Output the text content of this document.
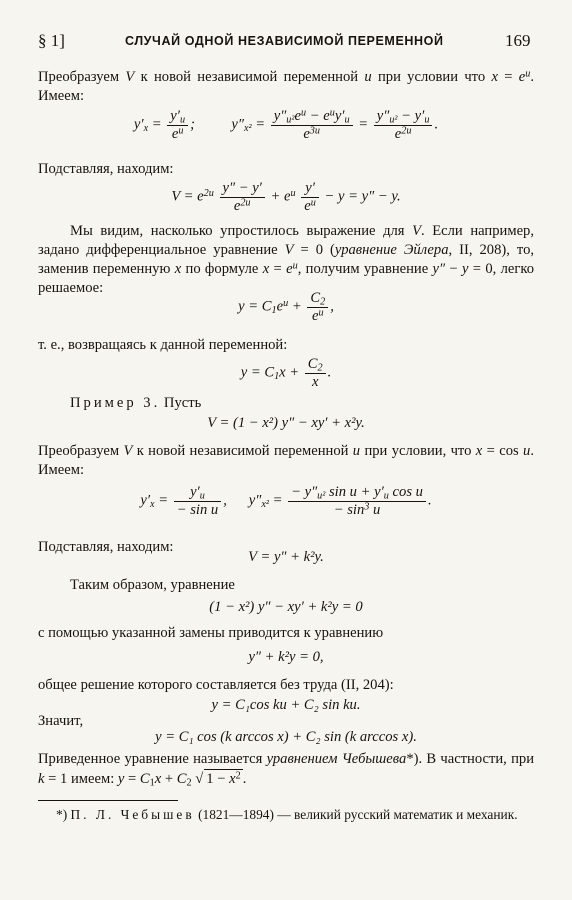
§ 1]	СЛУЧАЙ ОДНОЙ НЕЗАВИСИМОЙ ПЕРЕМЕННОЙ	169
Преобразуем V к новой независимой переменной u при условии что $x = e^u$. Имеем:
$y'_x = \frac{y'_u}{e^u}$ ;          $y''_{x^2} = \frac{y''_{u^2}e^u - e^uy'_u}{e^{3u}} = \frac{y''_{u^2} - y'_u}{e^{2u}}$ .
Подставляя, находим:
$V = e^{2u} \frac{y'' - y'}{e^{2u}} + e^u \frac{y'}{e^u} - y = y'' - y$.
Мы видим, насколько упростилось выражение для V. Если например, задано дифференциальное уравнение V = 0 (уравнение Эйлера, II, 208), то, заменив переменную x по формуле $x = e^u$, получим уравнение y″ − y = 0, легко решаемое:
$y = C_1e^u + \frac{C_2}{e^u}$ ,
т. е., возвращаясь к данной переменной:
$y = C_1x + \frac{C_2}{x}$ .
Пример 3. Пусть
V = (1 − x²) y″ − xy′ + x²y.
Преобразуем V к новой независимой переменной u при условии, что x = cos u. Имеем:
$y'_x = \frac{y'_u}{\text{− sin u}}$ ,      $y''_{x^2} = \frac{- y''_{u^2} \sin u + y'_u \cos u}{- \sin^3 u}$ .
Подставляя, находим:
V = y″ + k²y.
Таким образом, уравнение
(1 − x²) y″ − xy′ + k²y = 0
с помощью указанной замены приводится к уравнению
y″ + k²y = 0,
общее решение которого составляется без труда (II, 204):
y = C₁cos ku + C₂ sin ku.
Значит,
y = C₁ cos (k arccos x) + C₂ sin (k arccos x).
Приведенное уравнение называется уравнением Чебышева*). В частности, при k = 1 имеем: $y = C_1x + C_2$ √ $1 - x^2$ .
*) П. Л. Чебышев (1821—1894) — великий русский математик и механик.
